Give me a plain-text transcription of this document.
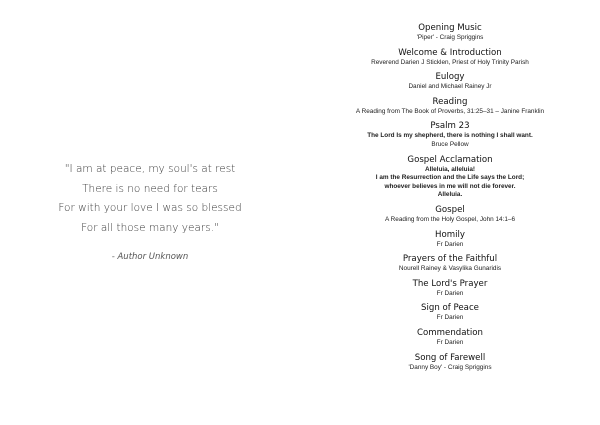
"I am at peace, my soul's at rest
There is no need for tears
For with your love I was so blessed
For all those many years."
- Author Unknown
Opening Music
'Piper' - Craig Spriggins
Welcome & Introduction
Reverend Darien J Sticklen, Priest of Holy Trinity Parish
Eulogy
Daniel and Michael Rainey Jr
Reading
A Reading from The Book of Proverbs, 31:25–31 – Janine Franklin
Psalm 23
The Lord Is my shepherd, there is nothing I shall want.
Bruce Pellow
Gospel Acclamation
Alleluia, alleluia!
I am the Resurrection and the Life says the Lord;
whoever believes in me will not die forever.
Alleluia.
Gospel
A Reading from the Holy Gospel, John 14:1–6
Homily
Fr Darien
Prayers of the Faithful
Nourell Rainey & Vasylika Gunaridis
The Lord's Prayer
Fr Darien
Sign of Peace
Fr Darien
Commendation
Fr Darien
Song of Farewell
'Danny Boy' - Craig Spriggins
